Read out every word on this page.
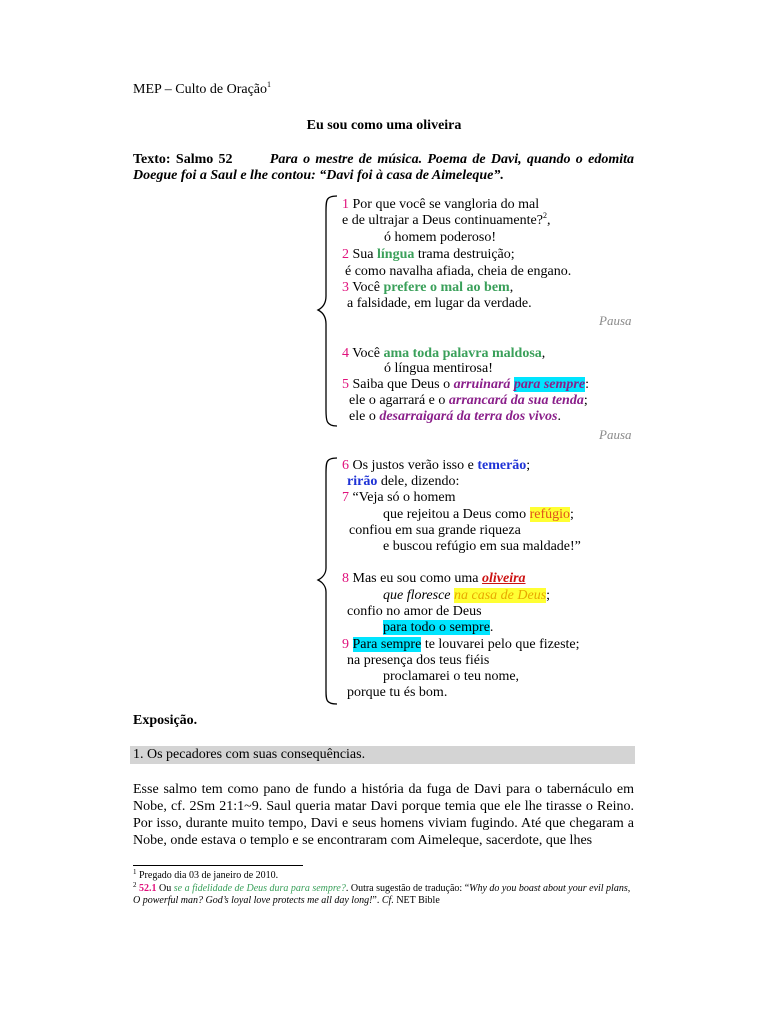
MEP – Culto de Oração$^1$
Eu sou como uma oliveira
Texto: Salmo 52	Para o mestre de música. Poema de Davi, quando o edomita Doegue foi a Saul e lhe contou: “Davi foi à casa de Aimeleque”.
1 Por que você se vangloria do mal
e de ultrajar a Deus continuamente?$^2$,
ó homem poderoso!
2 Sua língua trama destruição;
é como navalha afiada, cheia de engano.
3 Você prefere o mal ao bem,
a falsidade, em lugar da verdade.
Pausa
4 Você ama toda palavra maldosa,
ó língua mentirosa!
5 Saiba que Deus o arruinará para sempre:
ele o agarrará e o arrancará da sua tenda;
ele o desarraigará da terra dos vivos.
Pausa
6 Os justos verão isso e temerão;
rirão dele, dizendo:
7 “Veja só o homem
que rejeitou a Deus como refúgio;
confiou em sua grande riqueza
e buscou refúgio em sua maldade!”
8 Mas eu sou como uma oliveira
que floresce na casa de Deus;
confio no amor de Deus
para todo o sempre.
9 Para sempre te louvarei pelo que fizeste;
na presença dos teus fiéis
proclamarei o teu nome,
porque tu és bom.
Exposição.
1. Os pecadores com suas consequências.
Esse salmo tem como pano de fundo a história da fuga de Davi para o tabernáculo em Nobe, cf. 2Sm 21:1~9. Saul queria matar Davi porque temia que ele lhe tirasse o Reino. Por isso, durante muito tempo, Davi e seus homens viviam fugindo. Até que chegaram a Nobe, onde estava o templo e se encontraram com Aimeleque, sacerdote, que lhes
$^1$ Pregado dia 03 de janeiro de 2010.
$^2$ 52.1 Ou se a fidelidade de Deus dura para sempre?. Outra sugestão de tradução: “Why do you boast about your evil plans, O powerful man? God’s loyal love protects me all day long!”. Cf. NET Bible
